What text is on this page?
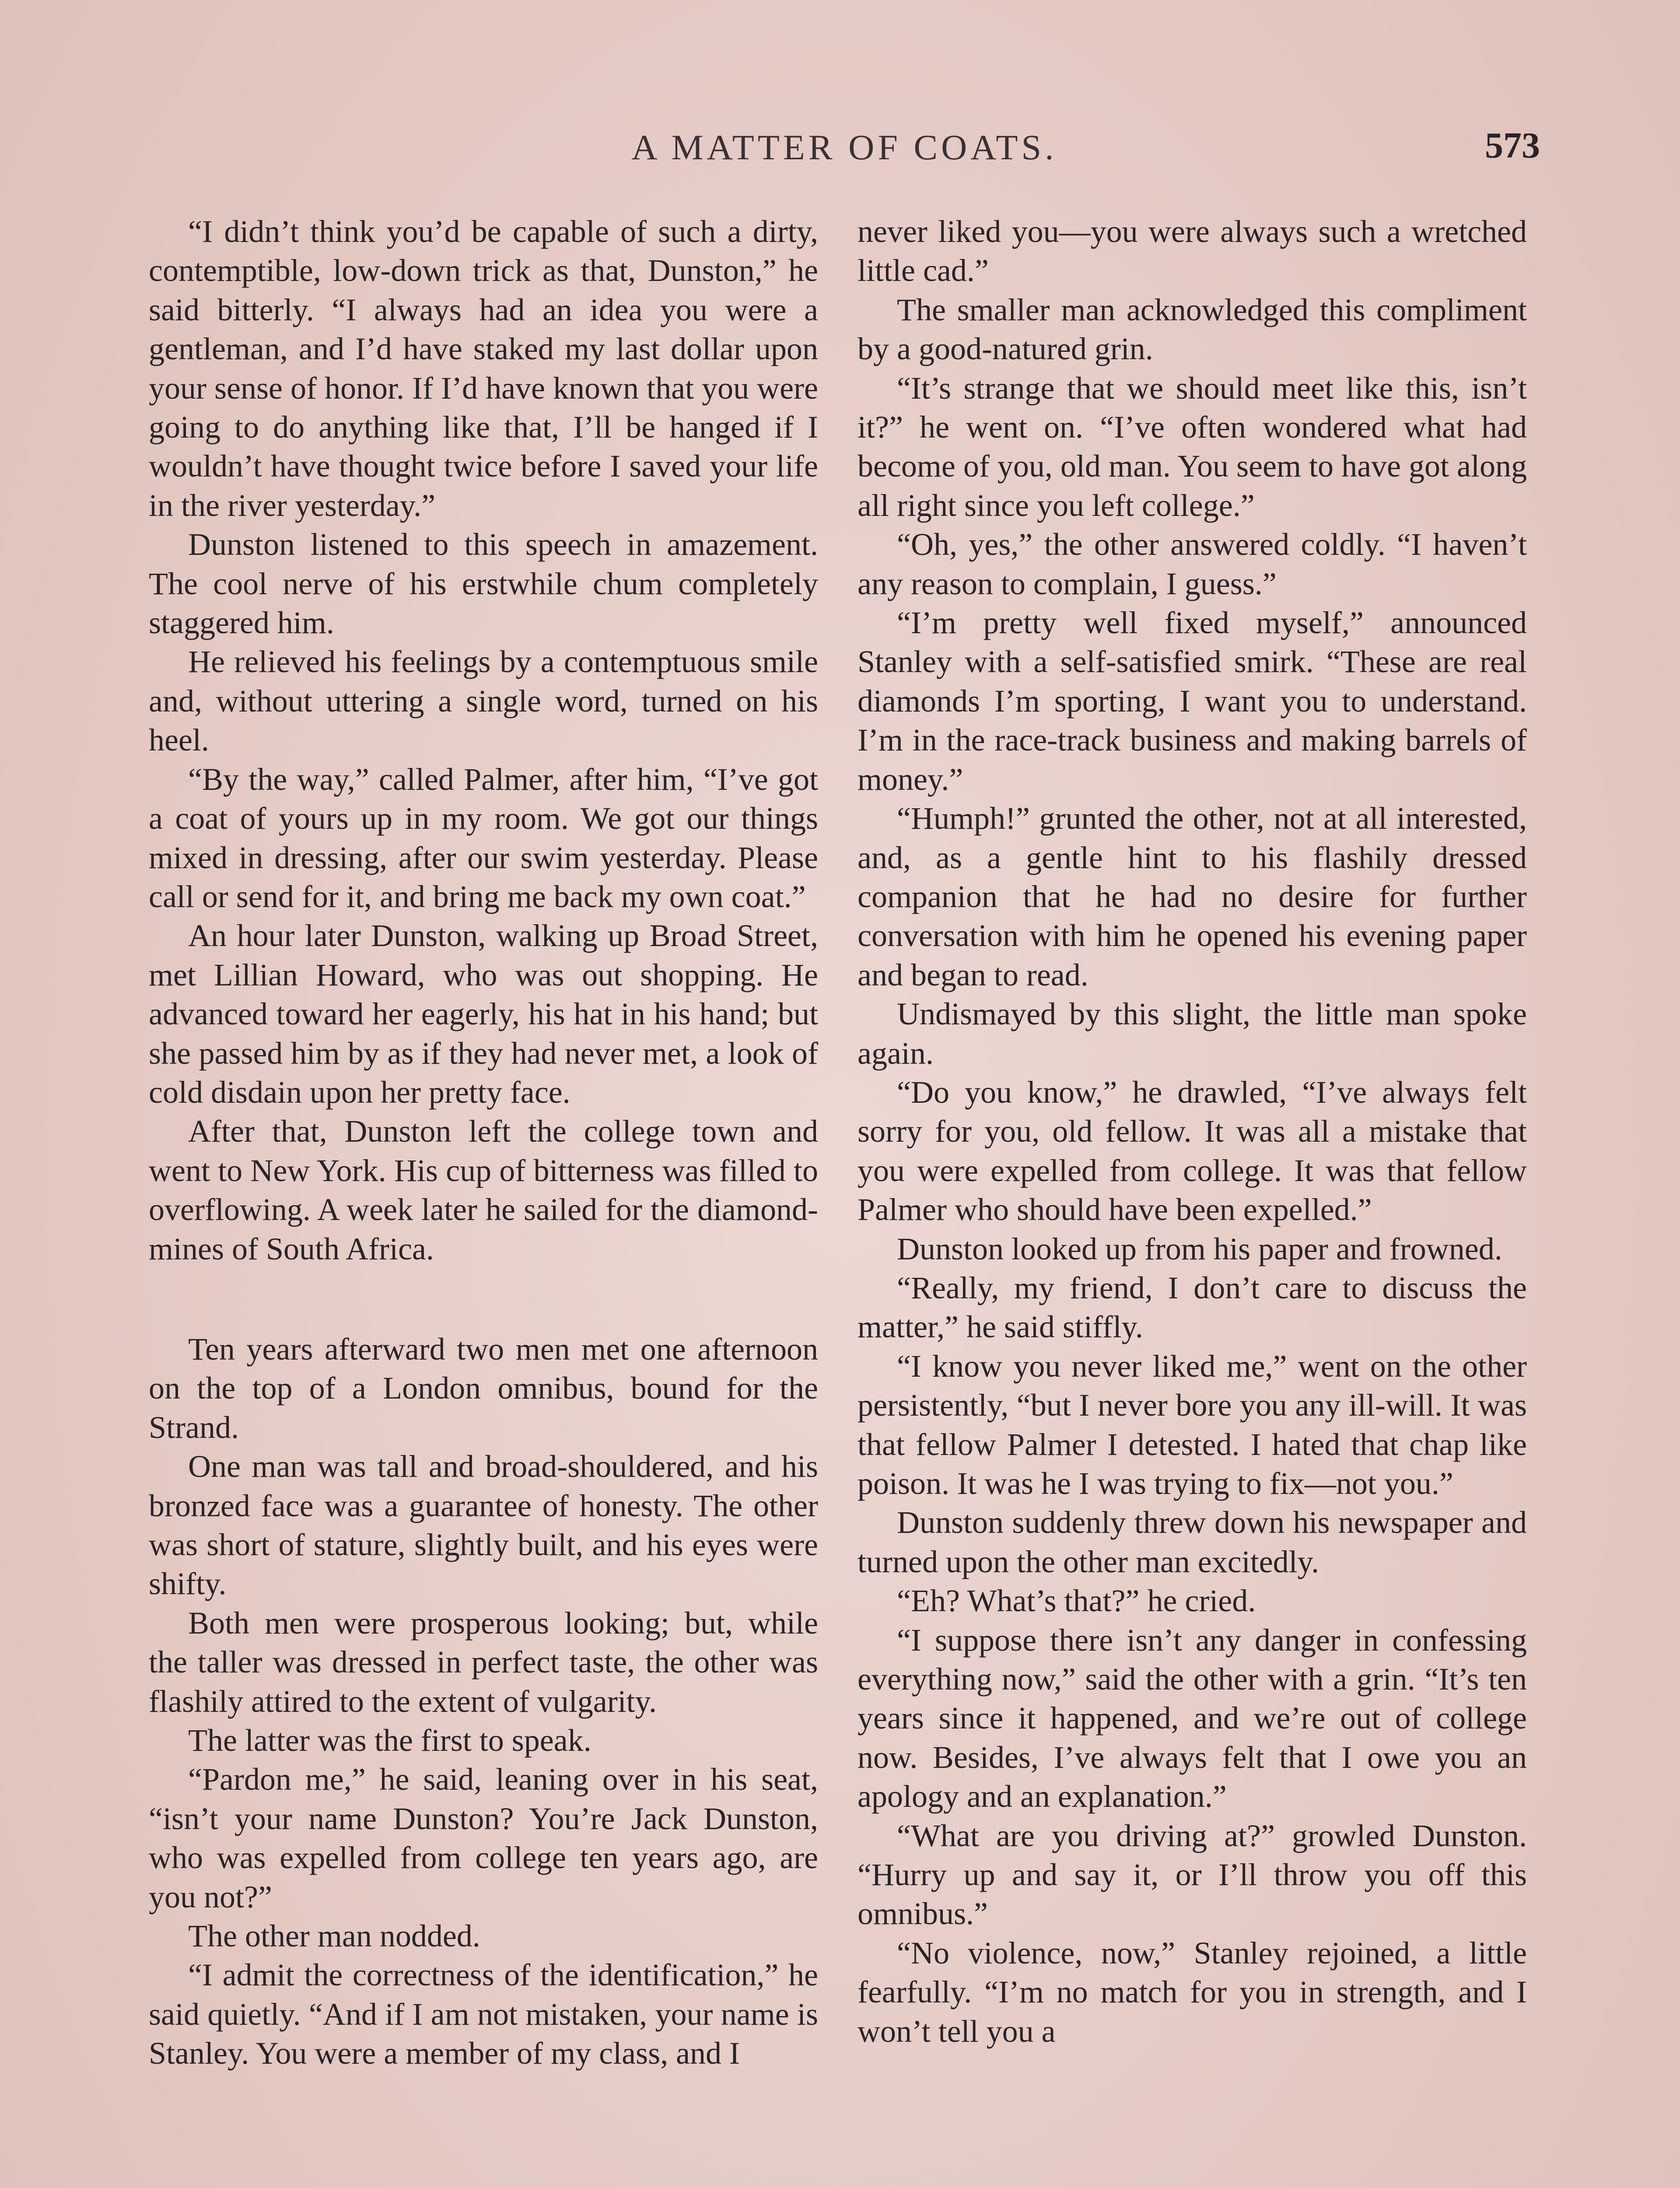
A MATTER OF COATS.	573

“I didn’t think you’d be capable of such a dirty, contemptible, low-down trick as that, Dunston,” he said bitterly. “I always had an idea you were a gentleman, and I’d have staked my last dollar upon your sense of honor. If I’d have known that you were going to do anything like that, I’ll be hanged if I wouldn’t have thought twice before I saved your life in the river yesterday.”

Dunston listened to this speech in amazement. The cool nerve of his erstwhile chum completely staggered him.

He relieved his feelings by a contemptuous smile and, without uttering a single word, turned on his heel.

“By the way,” called Palmer, after him, “I’ve got a coat of yours up in my room. We got our things mixed in dressing, after our swim yesterday. Please call or send for it, and bring me back my own coat.”

An hour later Dunston, walking up Broad Street, met Lillian Howard, who was out shopping. He advanced toward her eagerly, his hat in his hand; but she passed him by as if they had never met, a look of cold disdain upon her pretty face.

After that, Dunston left the college town and went to New York. His cup of bitterness was filled to overflowing. A week later he sailed for the diamond-mines of South Africa.

Ten years afterward two men met one afternoon on the top of a London omnibus, bound for the Strand.

One man was tall and broad-shouldered, and his bronzed face was a guarantee of honesty. The other was short of stature, slightly built, and his eyes were shifty.

Both men were prosperous looking; but, while the taller was dressed in perfect taste, the other was flashily attired to the extent of vulgarity.

The latter was the first to speak.

“Pardon me,” he said, leaning over in his seat, “isn’t your name Dunston? You’re Jack Dunston, who was expelled from college ten years ago, are you not?”

The other man nodded.

“I admit the correctness of the identification,” he said quietly. “And if I am not mistaken, your name is Stanley. You were a member of my class, and I

never liked you—you were always such a wretched little cad.”

The smaller man acknowledged this compliment by a good-natured grin.

“It’s strange that we should meet like this, isn’t it?” he went on. “I’ve often wondered what had become of you, old man. You seem to have got along all right since you left college.”

“Oh, yes,” the other answered coldly. “I haven’t any reason to complain, I guess.”

“I’m pretty well fixed myself,” announced Stanley with a self-satisfied smirk. “These are real diamonds I’m sporting, I want you to understand. I’m in the race-track business and making barrels of money.”

“Humph!” grunted the other, not at all interested, and, as a gentle hint to his flashily dressed companion that he had no desire for further conversation with him he opened his evening paper and began to read.

Undismayed by this slight, the little man spoke again.

“Do you know,” he drawled, “I’ve always felt sorry for you, old fellow. It was all a mistake that you were expelled from college. It was that fellow Palmer who should have been expelled.”

Dunston looked up from his paper and frowned.

“Really, my friend, I don’t care to discuss the matter,” he said stiffly.

“I know you never liked me,” went on the other persistently, “but I never bore you any ill-will. It was that fellow Palmer I detested. I hated that chap like poison. It was he I was trying to fix—not you.”

Dunston suddenly threw down his newspaper and turned upon the other man excitedly.

“Eh? What’s that?” he cried.

“I suppose there isn’t any danger in confessing everything now,” said the other with a grin. “It’s ten years since it happened, and we’re out of college now. Besides, I’ve always felt that I owe you an apology and an explanation.”

“What are you driving at?” growled Dunston. “Hurry up and say it, or I’ll throw you off this omnibus.”

“No violence, now,” Stanley rejoined, a little fearfully. “I’m no match for you in strength, and I won’t tell you a
